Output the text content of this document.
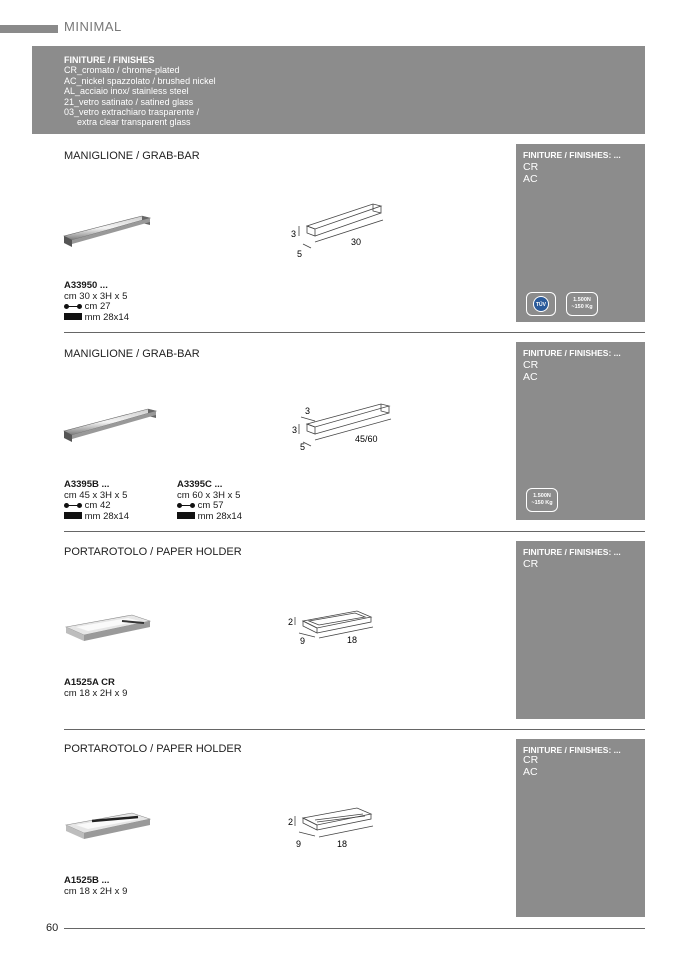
MINIMAL
FINITURE / FINISHES
CR_cromato / chrome-plated
AC_nickel spazzolato / brushed nickel
AL_acciaio inox/ stainless steel
21_vetro satinato / satined glass
03_vetro extrachiaro trasparente /
extra clear transparent glass
MANIGLIONE / GRAB-BAR	FINITURE / FINISHES: ...
CR
AC
TÜV
1.500N
~150 Kg
3
5
30
A33950 ...
cm 30 x 3H x 5
cm 27
mm 28x14
MANIGLIONE / GRAB-BAR	FINITURE / FINISHES: ...
CR
AC
1.500N
~150 Kg
3
3
5
45/60
A3395B ...
cm 45 x 3H x 5
cm 42
mm 28x14
A3395C ...
cm 60 x 3H x 5
cm 57
mm 28x14
PORTAROTOLO / PAPER HOLDER	FINITURE / FINISHES: ...
CR
2
9	18
A1525A CR
cm 18 x 2H x 9
PORTAROTOLO / PAPER HOLDER	FINITURE / FINISHES: ...
CR
AC
2
9	18
A1525B ...
cm 18 x 2H x 9
60
